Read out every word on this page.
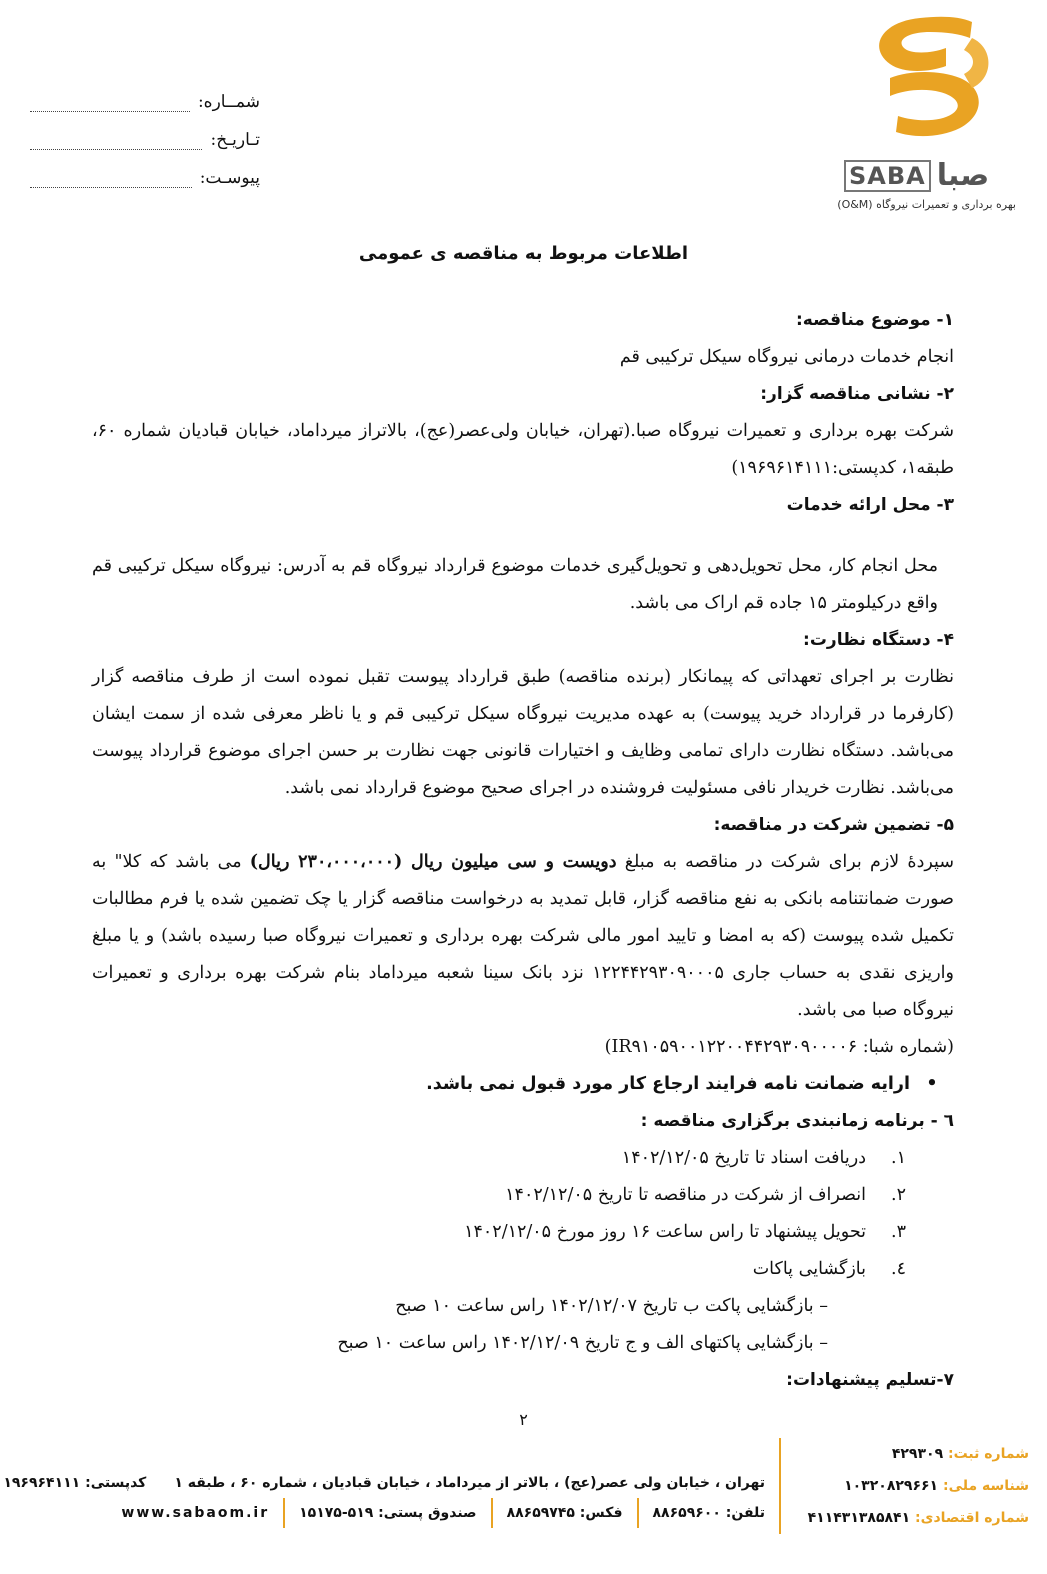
SABA صبا
بهره برداری و تعمیرات نیروگاه (O&M)
شمــاره:
تـاریـخ:
پیوسـت:
اطلاعات مربوط به مناقصه ی عمومی

۱- موضوع مناقصه:

انجام خدمات درمانی نیروگاه سیکل ترکیبی قم

۲- نشانی مناقصه گزار:

شرکت بهره برداری و تعمیرات نیروگاه صبا.(تهران، خیابان ولی‌عصر(عج)، بالاتراز میرداماد، خیابان قبادیان شماره ۶۰، طبقه۱، کدپستی:۱۹۶۹۶۱۴۱۱۱)

۳- محل ارائه خدمات

محل انجام کار، محل تحویل‌دهی و تحویل‌گیری خدمات موضوع قرارداد نیروگاه قم به آدرس: نیروگاه سیکل ترکیبی قم واقع درکیلومتر ۱۵ جاده قم اراک می باشد.

۴- دستگاه نظارت:

نظارت بر اجرای تعهداتی که پیمانکار (برنده مناقصه) طبق قرارداد پیوست تقبل نموده است از طرف مناقصه گزار (کارفرما در قرارداد خرید پیوست) به عهده مدیریت نیروگاه سیکل ترکیبی قم و یا ناظر معرفی شده از سمت ایشان می‌باشد. دستگاه نظارت دارای تمامی وظایف و اختیارات قانونی جهت نظارت بر حسن اجرای موضوع قرارداد پیوست می‌باشد. نظارت خریدار نافی مسئولیت فروشنده در اجرای صحیح موضوع قرارداد نمی باشد.

۵- تضمین شرکت در مناقصه:

سپردۀ لازم برای شرکت در مناقصه به مبلغ دویست و سی میلیون ریال (۲۳۰،۰۰۰،۰۰۰ ریال) می باشد که کلا" به صورت ضمانتنامه بانکی به نفع مناقصه گزار، قابل تمدید به درخواست مناقصه گزار یا چک تضمین شده یا فرم مطالبات تکمیل شده پیوست (که به امضا و تایید امور مالی شرکت بهره برداری و تعمیرات نیروگاه صبا رسیده باشد) و یا مبلغ واریزی نقدی به حساب جاری ۱۲۲۴۴۲۹۳۰۹۰۰۰۵ نزد بانک سینا شعبه میرداماد بنام شرکت بهره برداری و تعمیرات نیروگاه صبا می باشد.

(شماره شبا: IR۹۱۰۵۹۰۰۱۲۲۰۰۴۴۲۹۳۰۹۰۰۰۰۶)

•
ارایه ضمانت نامه فرایند ارجاع کار مورد قبول نمی باشد.

٦ - برنامه زمانبندی برگزاری مناقصه :

۱.
دریافت اسناد تا تاریخ ۱۴۰۲/۱۲/۰۵
۲.
انصراف از شرکت در مناقصه تا تاریخ ۱۴۰۲/۱۲/۰۵
۳.
تحویل پیشنهاد تا راس ساعت ۱۶ روز مورخ ۱۴۰۲/۱۲/۰۵
٤.
بازگشایی پاکات

– بازگشایی پاکت ب تاریخ ۱۴۰۲/۱۲/۰۷ راس ساعت ۱۰ صبح

– بازگشایی پاکتهای الف و ج تاریخ ۱۴۰۲/۱۲/۰۹ راس ساعت ۱۰ صبح

۷-تسلیم پیشنهادات:

۲
شماره ثبت: ۴۲۹۳۰۹
شناسه ملی: ۱۰۳۲۰۸۲۹۶۶۱
شماره اقتصادی: ۴۱۱۴۳۱۳۸۵۸۴۱
تهران ، خیابان ولی عصر(عج) ، بالاتر از میرداماد ، خیابان قبادیان ، شماره ۶۰ ، طبقه ۱
کدپستی: ۱۹۶۹۶۴۱۱۱
تلفن: ۸۸۶۵۹۶۰۰
فکس: ۸۸۶۵۹۷۴۵
صندوق پستی: ۵۱۹-۱۵۱۷۵
www.sabaom.ir
